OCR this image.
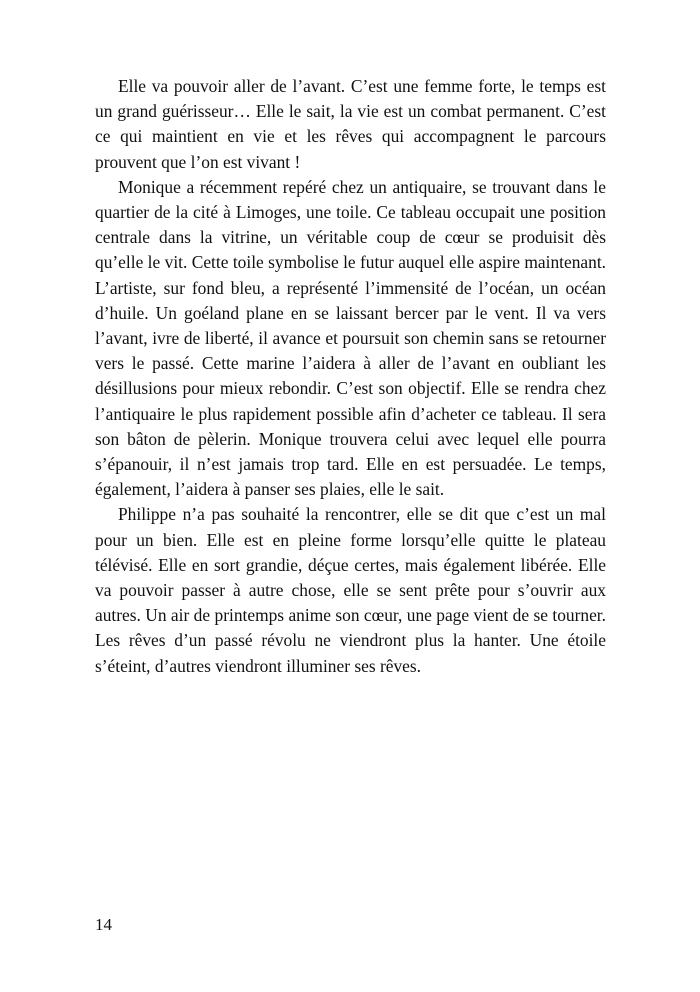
Elle va pouvoir aller de l’avant. C’est une femme forte, le temps est un grand guérisseur… Elle le sait, la vie est un combat permanent. C’est ce qui maintient en vie et les rêves qui accompagnent le parcours prouvent que l’on est vivant !

Monique a récemment repéré chez un antiquaire, se trouvant dans le quartier de la cité à Limoges, une toile. Ce tableau occupait une position centrale dans la vitrine, un véritable coup de cœur se produisit dès qu’elle le vit. Cette toile symbolise le futur auquel elle aspire maintenant. L’artiste, sur fond bleu, a représenté l’immensité de l’océan, un océan d’huile. Un goéland plane en se laissant bercer par le vent. Il va vers l’avant, ivre de liberté, il avance et poursuit son chemin sans se retourner vers le passé. Cette marine l’aidera à aller de l’avant en oubliant les désillusions pour mieux rebondir. C’est son objectif. Elle se rendra chez l’antiquaire le plus rapidement possible afin d’acheter ce tableau. Il sera son bâton de pèlerin. Monique trouvera celui avec lequel elle pourra s’épanouir, il n’est jamais trop tard. Elle en est persuadée. Le temps, également, l’aidera à panser ses plaies, elle le sait.

Philippe n’a pas souhaité la rencontrer, elle se dit que c’est un mal pour un bien. Elle est en pleine forme lorsqu’elle quitte le plateau télévisé. Elle en sort grandie, déçue certes, mais également libérée. Elle va pouvoir passer à autre chose, elle se sent prête pour s’ouvrir aux autres. Un air de printemps anime son cœur, une page vient de se tourner. Les rêves d’un passé révolu ne viendront plus la hanter. Une étoile s’éteint, d’autres viendront illuminer ses rêves.

14
